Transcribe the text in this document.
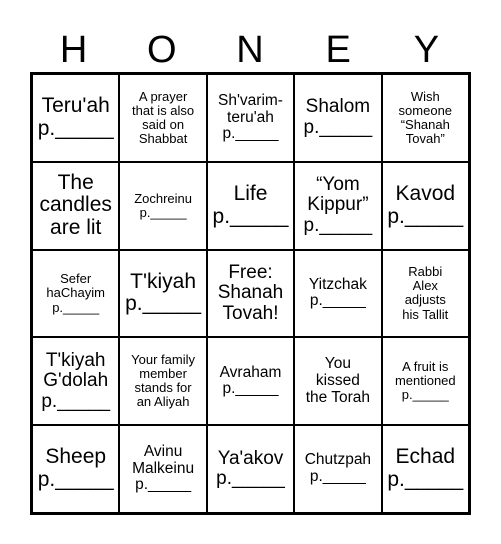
H	O	N	E	Y
Teru'ah
p._____
A prayer
that is also
said on
Shabbat
Sh'varim-
teru'ah
p._____
Shalom
p._____
Wish
someone
“Shanah
Tovah”
The
candles
are lit
Zochreinu
p._____
Life
p._____
“Yom
Kippur”
p._____
Kavod
p._____
Sefer
haChayim
p._____
T'kiyah
p._____
Free:
Shanah
Tovah!
Yitzchak
p._____
Rabbi
Alex
adjusts
his Tallit
T'kiyah
G'dolah
p._____
Your family
member
stands for
an Aliyah
Avraham
p._____
You
kissed
the Torah
A fruit is
mentioned
p._____
Sheep
p._____
Avinu
Malkeinu
p._____
Ya'akov
p._____
Chutzpah
p._____
Echad
p._____
